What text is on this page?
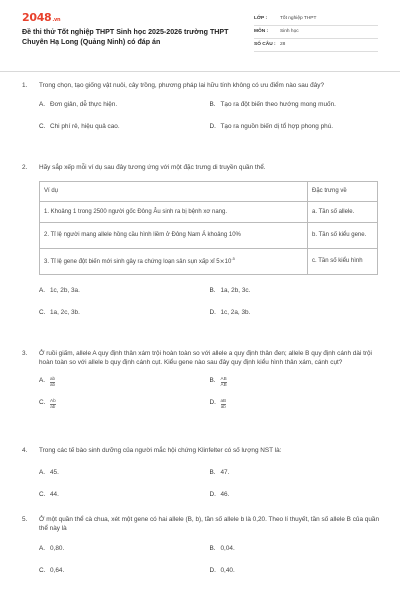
2048.vn
Đề thi thử Tốt nghiệp THPT Sinh học 2025-2026 trường THPT Chuyên Hạ Long (Quảng Ninh) có đáp án
LỚP :	Tốt nghiệp THPT
MÔN :	Sinh học
SỐ CÂU : 28
1.	Trong chọn, tạo giống vật nuôi, cây trồng, phương pháp lai hữu tính không có ưu điểm nào sau đây?
A. Đơn giản, dễ thực hiện.	B. Tạo ra đột biến theo hướng mong muốn.
C. Chi phí rẻ, hiệu quả cao.	D. Tạo ra nguồn biến dị tổ hợp phong phú.
2.	Hãy sắp xếp mỗi ví dụ sau đây tương ứng với một đặc trưng di truyền quần thể.
Ví dụ	Đặc trưng về
1. Khoảng 1 trong 2500 người gốc Đông Âu sinh ra bị bệnh xơ nang.	a. Tần số allele.
2. Tỉ lệ người mang allele hồng cầu hình liềm ở Đông Nam Á khoảng 10%	b. Tần số kiểu gene.
3. Tỉ lệ gene đột biến mới sinh gây ra chứng loạn sản sụn xấp xỉ $5⨯10^{-5}$	c. Tần số kiểu hình
A. 1c, 2b, 3a.	B. 1a, 2b, 3c.
C. 1a, 2c, 3b.	D. 1c, 2a, 3b.
3.	Ở ruồi giấm, allele A quy định thân xám trội hoàn toàn so với allele a quy định thân đen; allele B quy định cánh dài trội hoàn toàn so với allele b quy định cánh cụt. Kiểu gene nào sau đây quy định kiểu hình thân xám, cánh cụt?
A.	$\frac{ab}{ab}$	B.	$\frac{AB}{AB}$
C. $\frac{Ab}{ab}$	D. $\frac{aB}{ab}$
4.	Trong các tế bào sinh dưỡng của người mắc hội chứng Klinfelter có số lượng NST là:
A. 45.	B. 47.
C. 44.	D. 46.
5.	Ở một quần thể cà chua, xét một gene có hai allele (B, b), tần số allele b là 0,20. Theo lí thuyết, tần số allele B của quần thể này là
A. 0,80.	B. 0,04.
C. 0,64.	D. 0,40.
